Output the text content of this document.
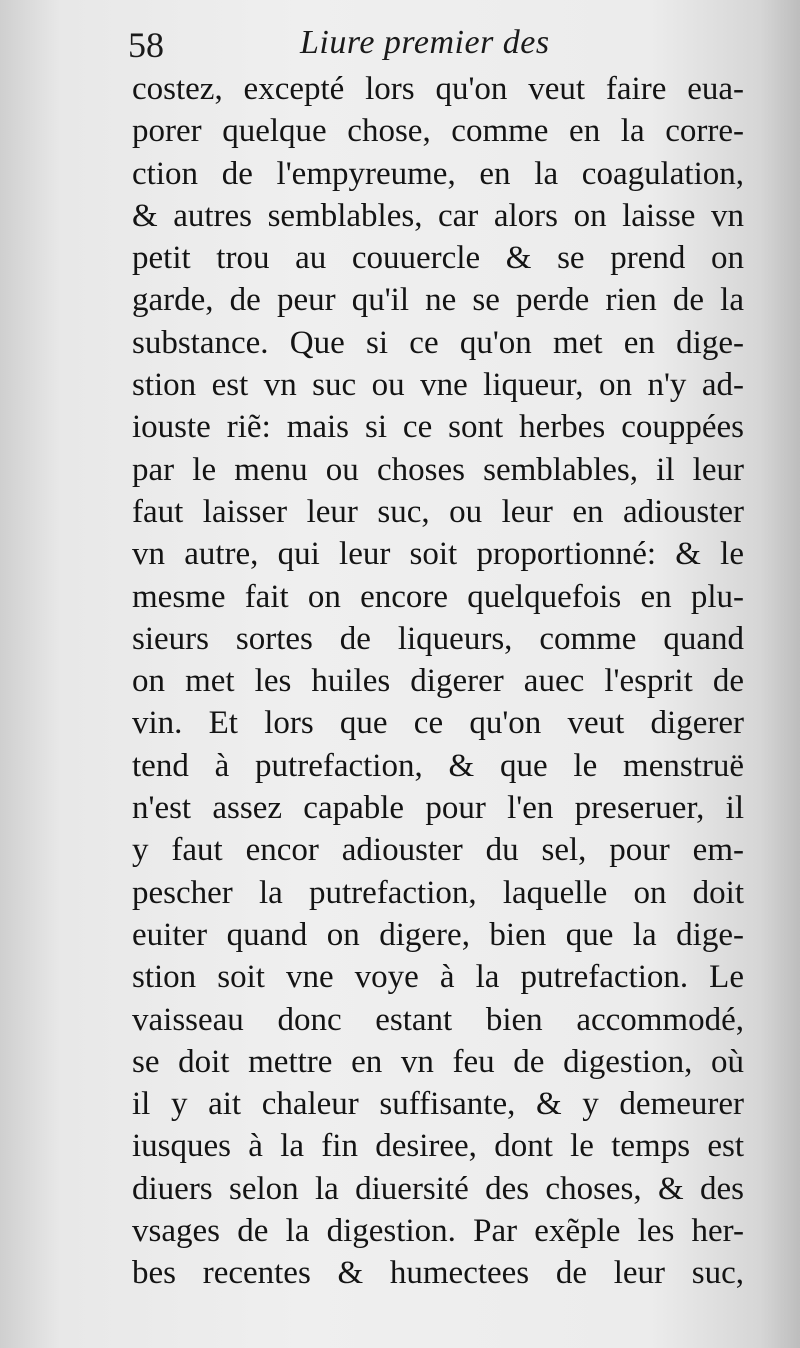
58	Liure premier des
costez, excepté lors qu'on veut faire eua-
porer quelque chose, comme en la corre-
ction de l'empyreume, en la coagulation,
& autres semblables, car alors on laisse vn
petit trou au couuercle & se prend on
garde, de peur qu'il ne se perde rien de la
substance. Que si ce qu'on met en dige-
stion est vn suc ou vne liqueur, on n'y ad-
iouste riẽ: mais si ce sont herbes couppées
par le menu ou choses semblables, il leur
faut laisser leur suc, ou leur en adiouster
vn autre, qui leur soit proportionné: & le
mesme fait on encore quelquefois en plu-
sieurs sortes de liqueurs, comme quand
on met les huiles digerer auec l'esprit de
vin. Et lors que ce qu'on veut digerer
tend à putrefaction, & que le menstruë
n'est assez capable pour l'en preseruer, il
y faut encor adiouster du sel, pour em-
pescher la putrefaction, laquelle on doit
euiter quand on digere, bien que la dige-
stion soit vne voye à la putrefaction. Le
vaisseau donc estant bien accommodé,
se doit mettre en vn feu de digestion, où
il y ait chaleur suffisante, & y demeurer
iusques à la fin desiree, dont le temps est
diuers selon la diuersité des choses, & des
vsages de la digestion. Par exẽple les her-
bes recentes & humectees de leur suc,
